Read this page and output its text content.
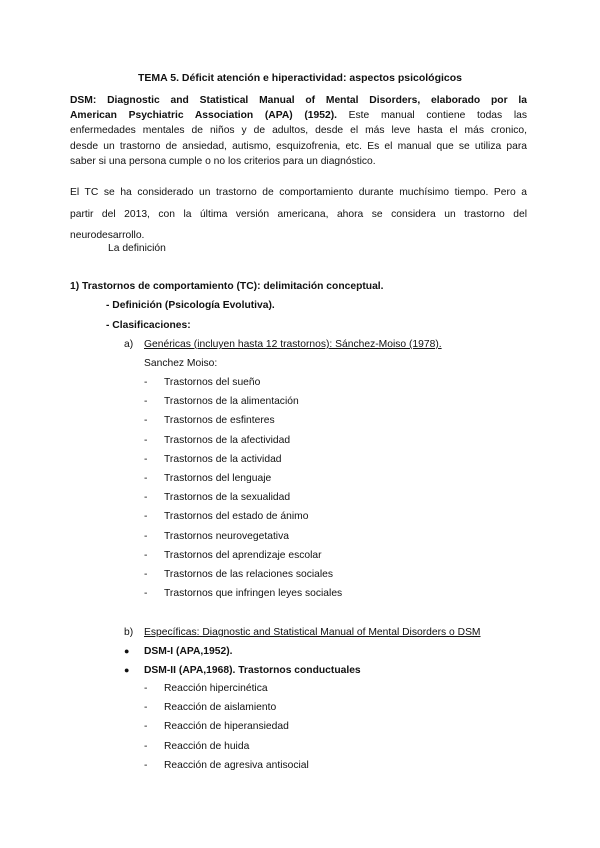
TEMA 5. Déficit atención e hiperactividad: aspectos psicológicos
DSM: Diagnostic and Statistical Manual of Mental Disorders, elaborado por la
American Psychiatric Association (APA) (1952). Este manual contiene todas las
enfermedades mentales de niños y de adultos, desde el más leve hasta el más cronico,
desde un trastorno de ansiedad, autismo, esquizofrenia, etc. Es el manual que se utiliza para
saber si una persona cumple o no los criterios para un diagnóstico.
El TC se ha considerado un trastorno de comportamiento durante muchísimo tiempo. Pero a
partir del 2013, con la última versión americana, ahora se considera un trastorno del
neurodesarrollo.
La definición
1) Trastornos de comportamiento (TC): delimitación conceptual.
- Definición (Psicología Evolutiva).
- Clasificaciones:
a) Genéricas (incluyen hasta 12 trastornos): Sánchez-Moiso (1978).
Sanchez Moiso:
- Trastornos del sueño
- Trastornos de la alimentación
- Trastornos de esfinteres
- Trastornos de la afectividad
- Trastornos de la actividad
- Trastornos del lenguaje
- Trastornos de la sexualidad
- Trastornos del estado de ánimo
- Trastornos neurovegetativa
- Trastornos del aprendizaje escolar
- Trastornos de las relaciones sociales
- Trastornos que infringen leyes sociales
b) Específicas: Diagnostic and Statistical Manual of Mental Disorders o DSM
● DSM-I (APA,1952).
● DSM-II (APA,1968). Trastornos conductuales
- Reacción hipercinética
- Reacción de aislamiento
- Reacción de hiperansiedad
- Reacción de huida
- Reacción de agresiva antisocial
